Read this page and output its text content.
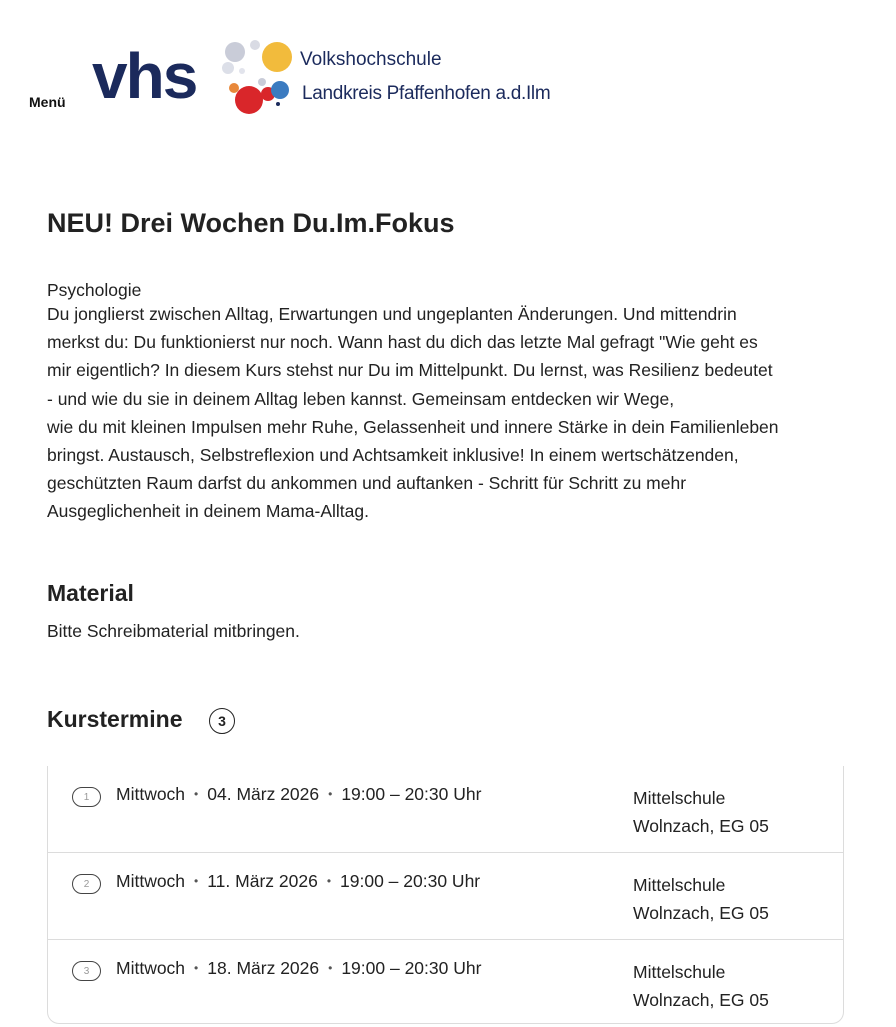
Menü vhs	Volkshochschule
Landkreis Pfaffenhofen a.d.Ilm
NEU! Drei Wochen Du.Im.Fokus
Psychologie

Du jonglierst zwischen Alltag, Erwartungen und ungeplanten Änderungen. Und mittendrin
merkst du: Du funktionierst nur noch. Wann hast du dich das letzte Mal gefragt "Wie geht es
mir eigentlich? In diesem Kurs stehst nur Du im Mittelpunkt. Du lernst, was Resilienz bedeutet
- und wie du sie in deinem Alltag leben kannst. Gemeinsam entdecken wir Wege,
wie du mit kleinen Impulsen mehr Ruhe, Gelassenheit und innere Stärke in dein Familienleben
bringst. Austausch, Selbstreflexion und Achtsamkeit inklusive! In einem wertschätzenden,
geschützten Raum darfst du ankommen und auftanken - Schritt für Schritt zu mehr
Ausgeglichenheit in deinem Mama-Alltag.

Material
Bitte Schreibmaterial mitbringen.
Kurstermine	3
1	Mittwoch • 04. März 2026 • 19:00 – 20:30 Uhr	Mittelschule
Wolnzach, EG 05
2	Mittwoch • 11. März 2026 • 19:00 – 20:30 Uhr	Mittelschule
Wolnzach, EG 05
3	Mittwoch • 18. März 2026 • 19:00 – 20:30 Uhr	Mittelschule
Wolnzach, EG 05
